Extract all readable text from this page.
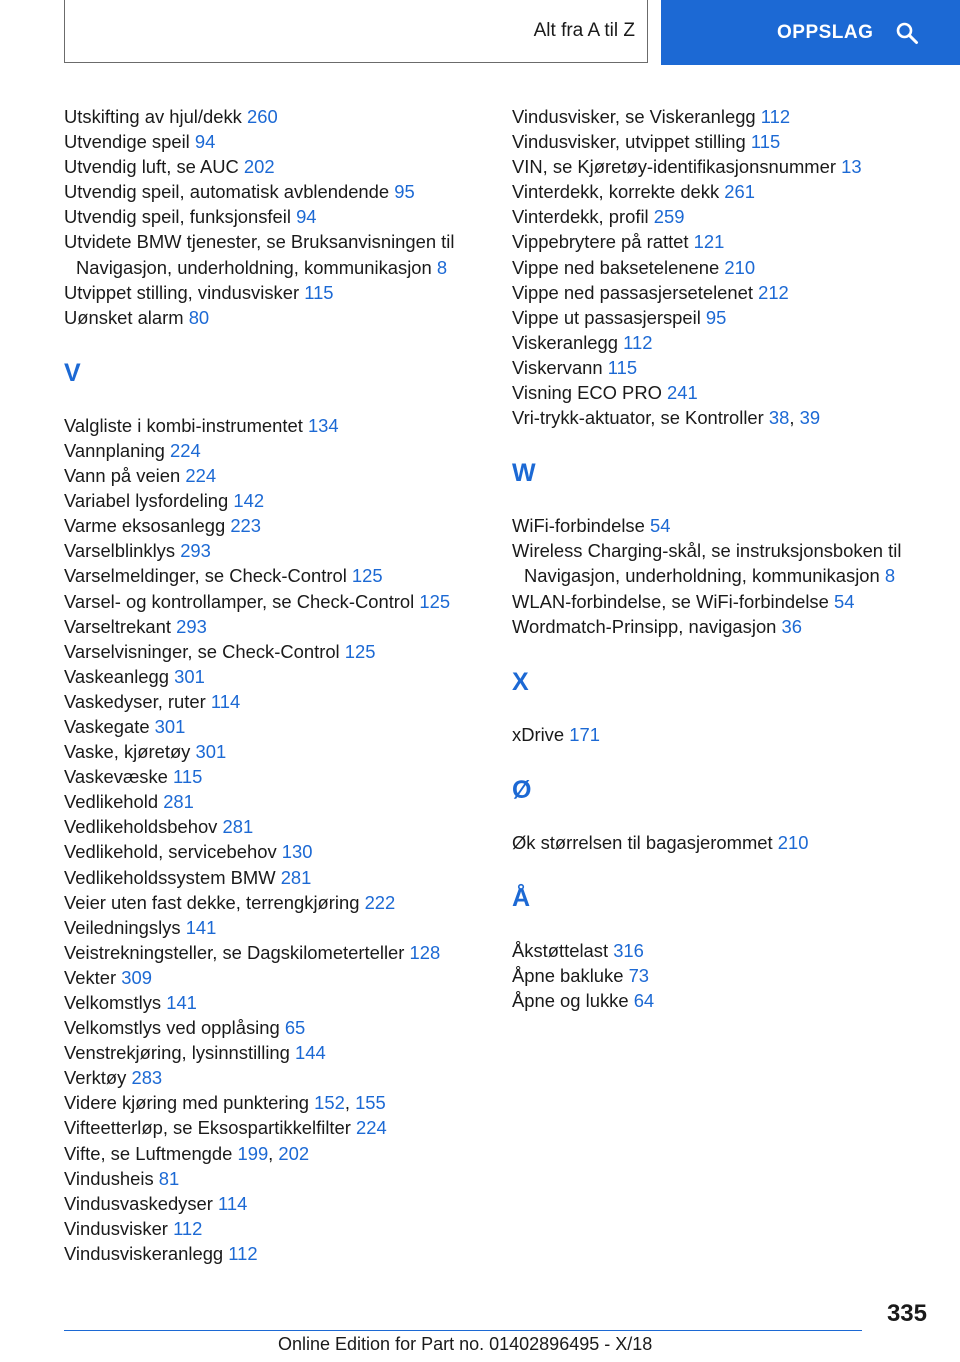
Alt fra A til Z	OPPSLAG
Utskifting av hjul/dekk 260
Utvendige speil 94
Utvendig luft, se AUC 202
Utvendig speil, automatisk avblendende 95
Utvendig speil, funksjonsfeil 94
Utvidete BMW tjenester, se Bruksanvisningen til
Navigasjon, underholdning, kommunikasjon 8
Utvippet stilling, vindusvisker 115
Uønsket alarm 80
V
Valgliste i kombi-instrumentet 134
Vannplaning 224
Vann på veien 224
Variabel lysfordeling 142
Varme eksosanlegg 223
Varselblinklys 293
Varselmeldinger, se Check-Control 125
Varsel- og kontrollamper, se Check-Control 125
Varseltrekant 293
Varselvisninger, se Check-Control 125
Vaskeanlegg 301
Vaskedyser, ruter 114
Vaskegate 301
Vaske, kjøretøy 301
Vaskevæske 115
Vedlikehold 281
Vedlikeholdsbehov 281
Vedlikehold, servicebehov 130
Vedlikeholdssystem BMW 281
Veier uten fast dekke, terrengkjøring 222
Veiledningslys 141
Veistrekningsteller, se Dagskilometerteller 128
Vekter 309
Velkomstlys 141
Velkomstlys ved opplåsing 65
Venstrekjøring, lysinnstilling 144
Verktøy 283
Videre kjøring med punktering 152, 155
Vifteetterløp, se Eksospartikkelfilter 224
Vifte, se Luftmengde 199, 202
Vindusheis 81
Vindusvaskedyser 114
Vindusvisker 112
Vindusviskeranlegg 112
Vindusvisker, se Viskeranlegg 112
Vindusvisker, utvippet stilling 115
VIN, se Kjøretøy-identifikasjonsnummer 13
Vinterdekk, korrekte dekk 261
Vinterdekk, profil 259
Vippebrytere på rattet 121
Vippe ned baksetelenene 210
Vippe ned passasjersetelenet 212
Vippe ut passasjerspeil 95
Viskeranlegg 112
Viskervann 115
Visning ECO PRO 241
Vri-trykk-aktuator, se Kontroller 38, 39
W
WiFi-forbindelse 54
Wireless Charging-skål, se instruksjonsboken til
Navigasjon, underholdning, kommunikasjon 8
WLAN-forbindelse, se WiFi-forbindelse 54
Wordmatch-Prinsipp, navigasjon 36
X
xDrive 171
Ø
Øk størrelsen til bagasjerommet 210
Å
Åkstøttelast 316
Åpne bakluke 73
Åpne og lukke 64
335
Online Edition for Part no. 01402896495 - X/18
